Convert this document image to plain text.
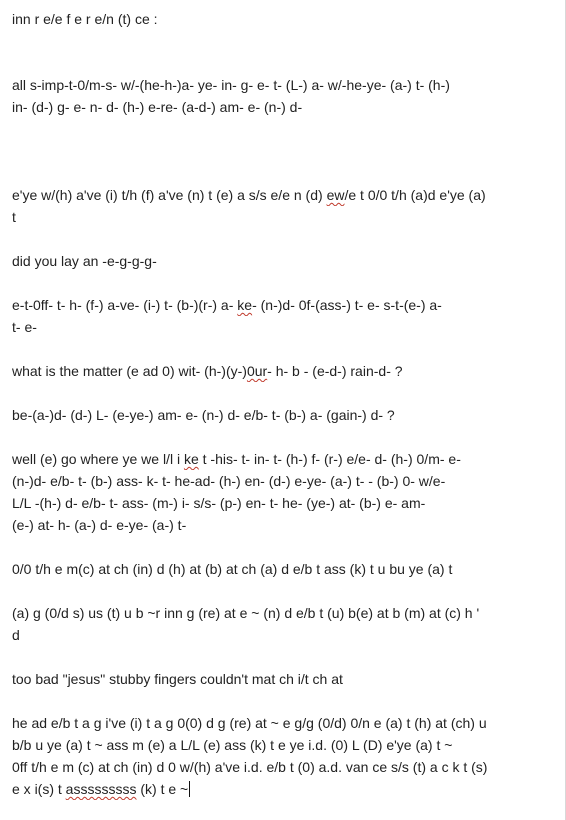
inn r e/e f e r e/n (t) ce :
all s-imp-t-0/m-s- w/-(he-h-)a- ye- in- g- e- t- (L-) a- w/-he-ye- (a-) t- (h-)
in- (d-) g- e- n- d- (h-) e-re- (a-d-) am- e- (n-) d-
e'ye w/(h) a've (i) t/h (f) a've (n) t (e) a s/s e/e n (d) ew/e t 0/0 t/h (a)d e'ye (a)
t
did you lay an -e-g-g-g-
e-t-0ff- t- h- (f-) a-ve- (i-) t- (b-)(r-) a- ke- (n-)d- 0f-(ass-) t- e- s-t-(e-) a-
t- e-
what is the matter (e ad 0) wit- (h-)(y-)0ur- h- b - (e-d-) rain-d- ?
be-(a-)d- (d-) L- (e-ye-) am- e- (n-) d- e/b- t- (b-) a- (gain-) d- ?
well (e) go where ye we l/l i ke t -his- t- in- t- (h-) f- (r-) e/e- d- (h-) 0/m- e-
(n-)d- e/b- t- (b-) ass- k- t- he-ad- (h-) en- (d-) e-ye- (a-) t- - (b-) 0- w/e-
L/L -(h-) d- e/b- t- ass- (m-) i- s/s- (p-) en- t- he- (ye-) at- (b-) e- am-
(e-) at- h- (a-) d- e-ye- (a-) t-
0/0 t/h e m(c) at ch (in) d (h) at (b) at ch (a) d e/b t ass (k) t u bu ye (a) t
(a) g (0/d s) us (t) u b ~r inn g (re) at e ~ (n) d e/b t (u) b(e) at b (m) at (c) h '
d
too bad "jesus" stubby fingers couldn't mat ch i/t ch at
he ad e/b t a g i've (i) t a g 0(0) d g (re) at ~ e g/g (0/d) 0/n e (a) t (h) at (ch) u
b/b u ye (a) t ~ ass m (e) a L/L (e) ass (k) t e ye i.d. (0) L (D) e'ye (a) t ~
0ff t/h e m (c) at ch (in) d 0 w/(h) a've i.d. e/b t (0) a.d. van ce s/s (t) a c k t (s)
e x i(s) t asssssssss (k) t e ~
